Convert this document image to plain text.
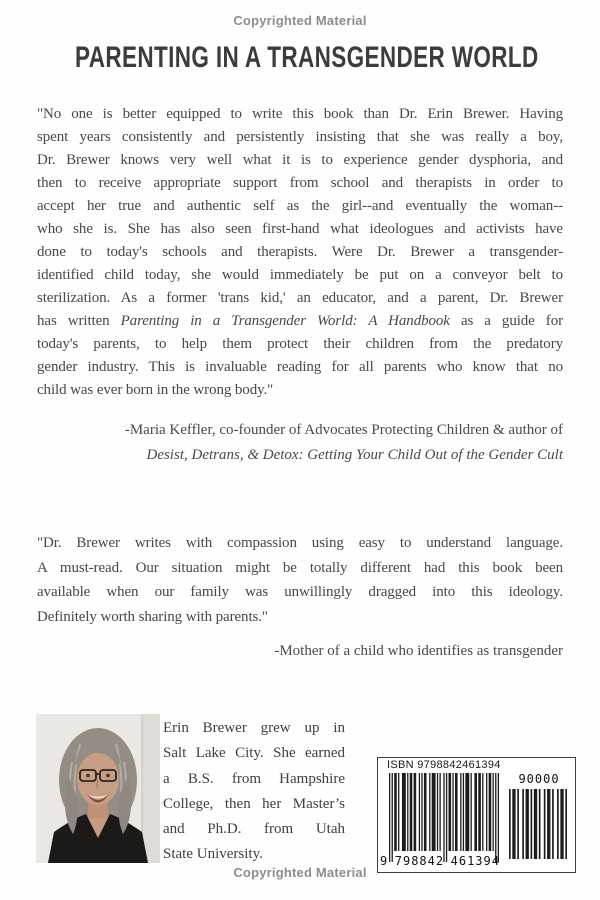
Copyrighted Material
PARENTING IN A TRANSGENDER WORLD
"No one is better equipped to write this book than Dr. Erin Brewer. Having
spent years consistently and persistently insisting that she was really a boy,
Dr. Brewer knows very well what it is to experience gender dysphoria, and
then to receive appropriate support from school and therapists in order to
accept her true and authentic self as the girl--and eventually the woman--
who she is. She has also seen first-hand what ideologues and activists have
done to today's schools and therapists. Were Dr. Brewer a transgender-
identified child today, she would immediately be put on a conveyor belt to
sterilization. As a former 'trans kid,' an educator, and a parent, Dr. Brewer
has written Parenting in a Transgender World: A Handbook as a guide for
today's parents, to help them protect their children from the predatory
gender industry. This is invaluable reading for all parents who know that no
child was ever born in the wrong body."
-Maria Keffler, co-founder of Advocates Protecting Children & author of
Desist, Detrans, & Detox: Getting Your Child Out of the Gender Cult
"Dr. Brewer writes with compassion using easy to understand language.
A must-read. Our situation might be totally different had this book been
available when our family was unwillingly dragged into this ideology.
Definitely worth sharing with parents."
-Mother of a child who identifies as transgender
Erin Brewer grew up in
Salt Lake City. She earned
a B.S. from Hampshire
College, then her Master’s
and Ph.D. from Utah
State University.
ISBN 9798842461394
90000
9 798842 461394
Copyrighted Material
